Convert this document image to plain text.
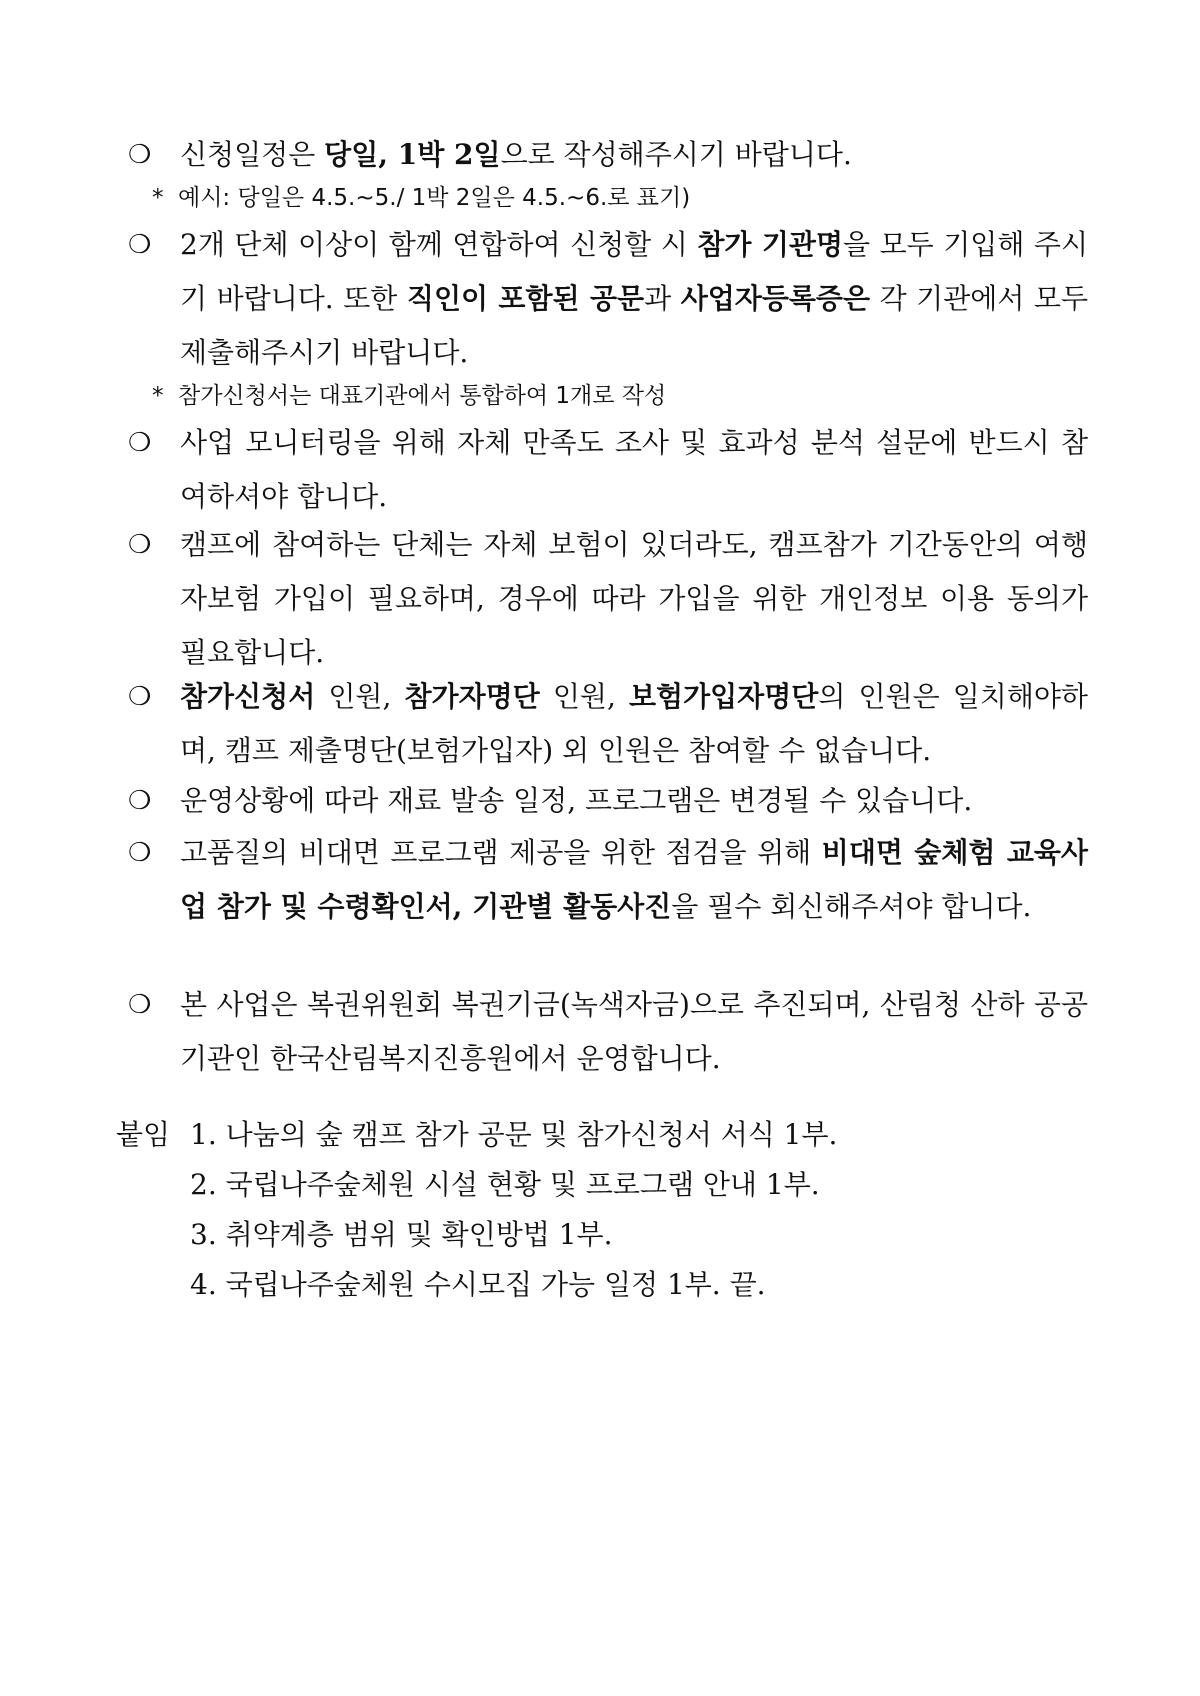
❍	신청일정은 당일, 1박 2일으로 작성해주시기 바랍니다.
* 예시: 당일은 4.5.~5./ 1박 2일은 4.5.~6.로 표기)
❍	2개 단체 이상이 함께 연합하여 신청할 시 참가 기관명을 모두 기입해 주시기 바랍니다. 또한 직인이 포함된 공문과 사업자등록증은 각 기관에서 모두 제출해주시기 바랍니다.
* 참가신청서는 대표기관에서 통합하여 1개로 작성
❍	사업 모니터링을 위해 자체 만족도 조사 및 효과성 분석 설문에 반드시 참여하셔야 합니다.
❍	캠프에 참여하는 단체는 자체 보험이 있더라도, 캠프참가 기간동안의 여행자보험 가입이 필요하며, 경우에 따라 가입을 위한 개인정보 이용 동의가 필요합니다.
❍	참가신청서 인원, 참가자명단 인원, 보험가입자명단의 인원은 일치해야하며, 캠프 제출명단(보험가입자) 외 인원은 참여할 수 없습니다.
❍	운영상황에 따라 재료 발송 일정, 프로그램은 변경될 수 있습니다.
❍	고품질의 비대면 프로그램 제공을 위한 점검을 위해 비대면 숲체험 교육사업 참가 및 수령확인서, 기관별 활동사진을 필수 회신해주셔야 합니다.
❍	본 사업은 복권위원회 복권기금(녹색자금)으로 추진되며, 산림청 산하 공공기관인 한국산림복지진흥원에서 운영합니다.
붙임 1. 나눔의 숲 캠프 참가 공문 및 참가신청서 서식 1부.
2. 국립나주숲체원 시설 현황 및 프로그램 안내 1부.
3. 취약계층 범위 및 확인방법 1부.
4. 국립나주숲체원 수시모집 가능 일정 1부. 끝.
